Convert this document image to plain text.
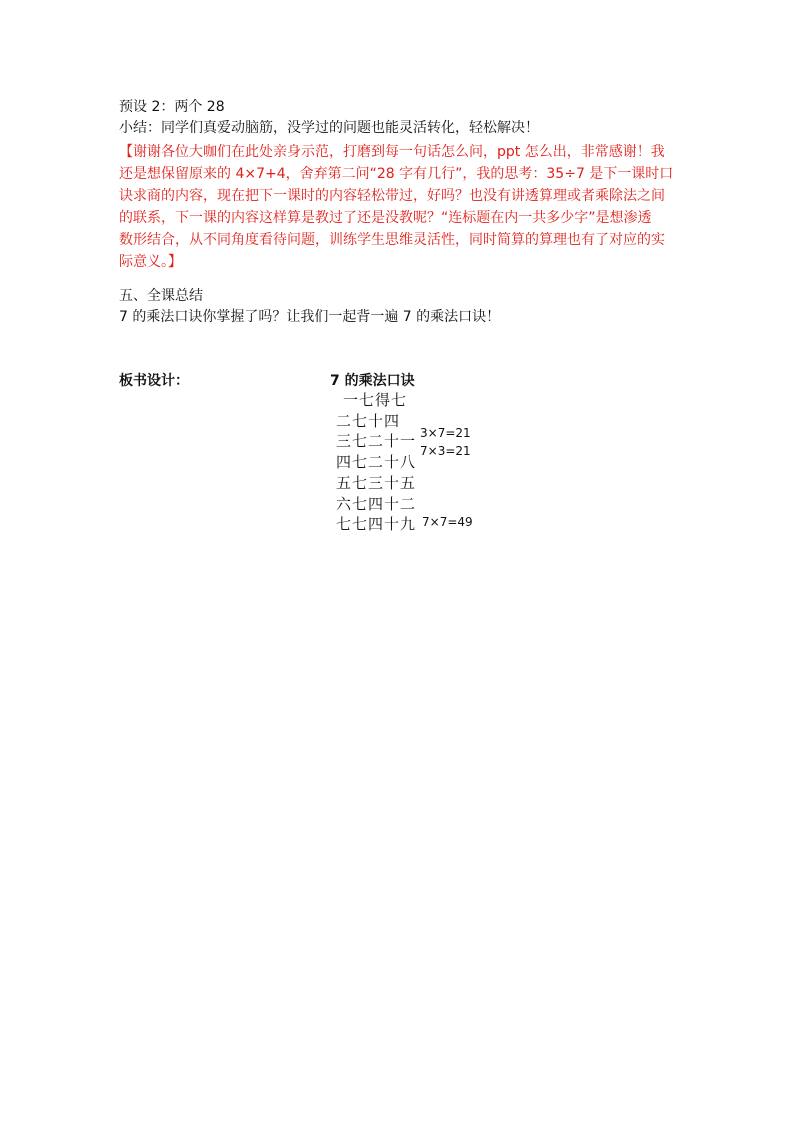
预设 2：两个 28
小结：同学们真爱动脑筋，没学过的问题也能灵活转化，轻松解决！

【谢谢各位大咖们在此处亲身示范，打磨到每一句话怎么问，ppt 怎么出，非常感谢！我

还是想保留原来的 4×7+4，舍弃第二问“28 字有几行”，我的思考：35÷7 是下一课时口

诀求商的内容，现在把下一课时的内容轻松带过，好吗？也没有讲透算理或者乘除法之间

的联系，下一课的内容这样算是教过了还是没教呢？“连标题在内一共多少字”是想渗透

数形结合，从不同角度看待问题，训练学生思维灵活性，同时简算的算理也有了对应的实

际意义。】

五、全课总结
7 的乘法口诀你掌握了吗？让我们一起背一遍 7 的乘法口诀！
板书设计：	7 的乘法口诀
一七得七
二七十四
三七二十一
四七二十八
五七三十五
六七四十二
七七四十九
3×7=21
7×3=21
7×7=49
